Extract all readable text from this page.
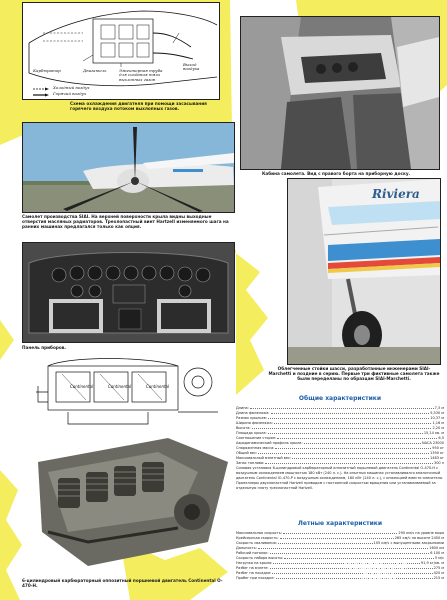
Карбюратор	Двигатель	Эжекторная труба для создания тяги выхлопных газов
Выход воздуха
Холодный воздух
Горячий воздух
Схема охлаждения двигателя при помощи засасывания горячего воздуха потоком выхлопных газов.
Кабина самолета. Вид с правого борта на приборную доску.
Самолет производства SIAI. На верхней поверхности крыла видны выходные отверстия масляных радиаторов. Трехлопастный винт Hartzell изменяемого шага на ранних машинах предлагался только как опция.
Панель приборов.
Riviera
Облегченные стойки шасси, разработанные инженерами SIAI-Marchetti и поздние в серию. Первые три фиктивные самолета также были переделаны по образцам SIAI-Marchetti.
Continental	Continental	Continental
6-цилиндровый карбюраторный оппозитный поршневой двигатель Continental O-470-H.
Общие характеристики
Длина:	7,3 м
Длина фюзеляжа:	5,530 м
Размах крыльев:	10,37 м
Ширина фюзеляжа:	1,16 м
Высота:	2,20 м
Площадь крыла:	15,14 кв. м
Соотношение сторон:	6,5
Аэродинамический профиль крыла:	NACA 23000
Снаряженная масса:	950 кг
Общий вес:	1390 кг
Максимальный взлетный вес:	1483 кг
Запас топлива:	300 л
Силовая установка 6-цилиндровый карбюраторный оппозитный поршневой двигатель Continental O-470-H с воздушным охлаждением мощностью 180 кВт (240 л. с.). На опытных машинах устанавливался аналогичный двигатель Continental IO-470-P с воздушным охлаждением, 180 кВт (240 л. с.), с инжекцией вместо смесителя. Пропеллеры двухлопастной Hartzell приводом с постоянной скоростью вращения или устанавливаемый за отдельную плату трехлопастной Hartzell.
Летные характеристики
Максимальная скорость:	290 км/ч на уровне моря
Крейсерская скорость:	265 км/ч на высоте 2450 м
Скорость сваливания:	105 км/ч с выпущенными закрылками
Дальность:	1600 км
Рабочий потолок:	6 100 м
Скорость набора высоты:	5 м/с
Нагрузка на крыло:	91,9 кг/кв. м
Разбег на взлете:	275 м
Разбег на посадке:	420 м
Пробег при посадке:	215 м
МОДЕЛЬНАЯ
ЛАВКА
www.modelbox.ru
